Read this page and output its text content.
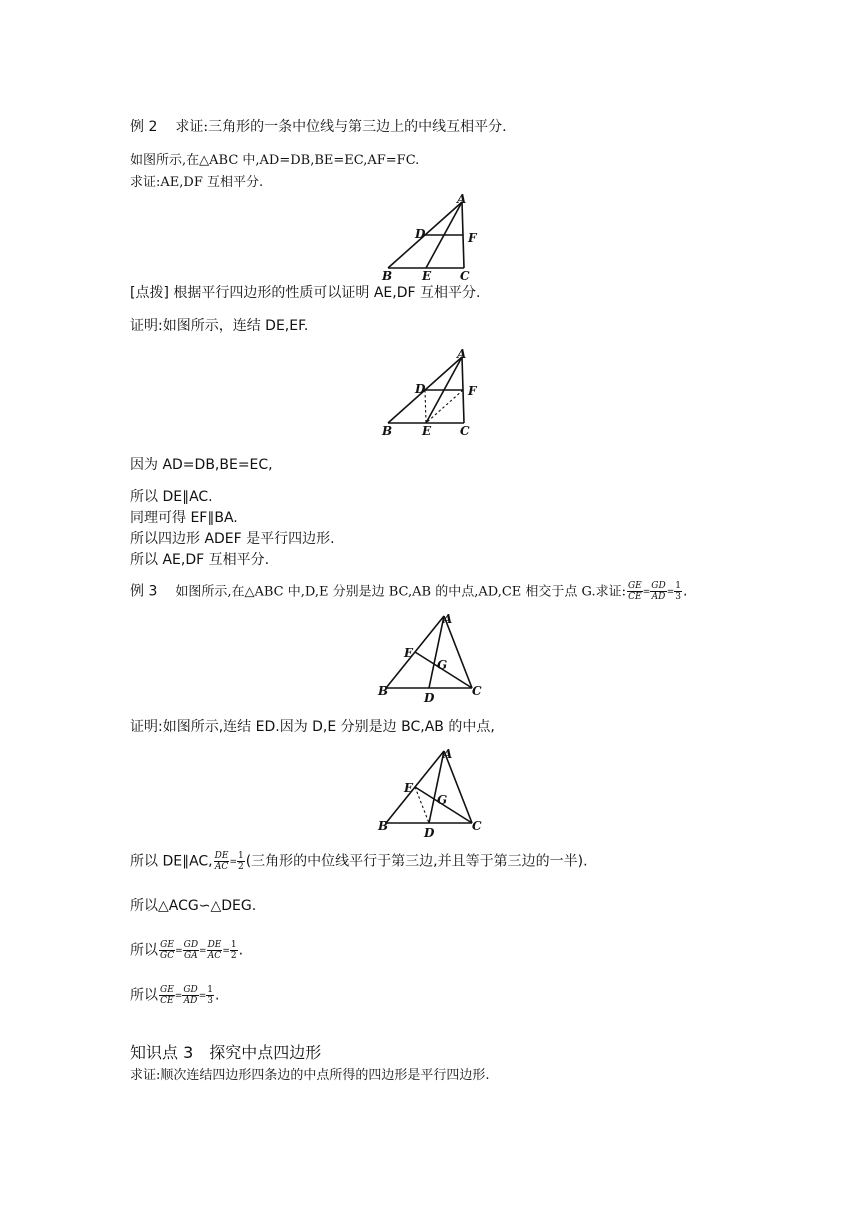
例 2 求证:三角形的一条中位线与第三边上的中线互相平分.
如图所示,在△ABC 中,AD=DB,BE=EC,AF=FC.
求证:AE,DF 互相平分.
A
D	F
B E C
[点拨] 根据平行四边形的性质可以证明 AE,DF 互相平分.
证明:如图所示，连结 DE,EF.
A
D	F
B E C
因为 AD=DB,BE=EC,
所以 DE∥AC.
同理可得 EF∥BA.
所以四边形 ADEF 是平行四边形.
所以 AE,DF 互相平分.
例 3 如图所示,在△ABC 中,D,E 分别是边 BC,AB 的中点,AD,CE 相交于点 G.求证: $\frac{GE}{CE} = \frac{GD}{AD} = \frac{1}{3}$ .
A
E
G
B	D	C
证明:如图所示,连结 ED.因为 D,E 分别是边 BC,AB 的中点,
A
E
G
B	D	C
所以 DE∥AC, $\frac{DE}{AC} = \frac{1}{2}$ (三角形的中位线平行于第三边,并且等于第三边的一半).
所以△ACG∽△DEG.
所以 $\frac{GE}{GC} = \frac{GD}{GA} = \frac{DE}{AC} = \frac{1}{2}$ .
所以 $\frac{GE}{CE} = \frac{GD}{AD} = \frac{1}{3}$ .
知识点 3　探究中点四边形
求证:顺次连结四边形四条边的中点所得的四边形是平行四边形.
